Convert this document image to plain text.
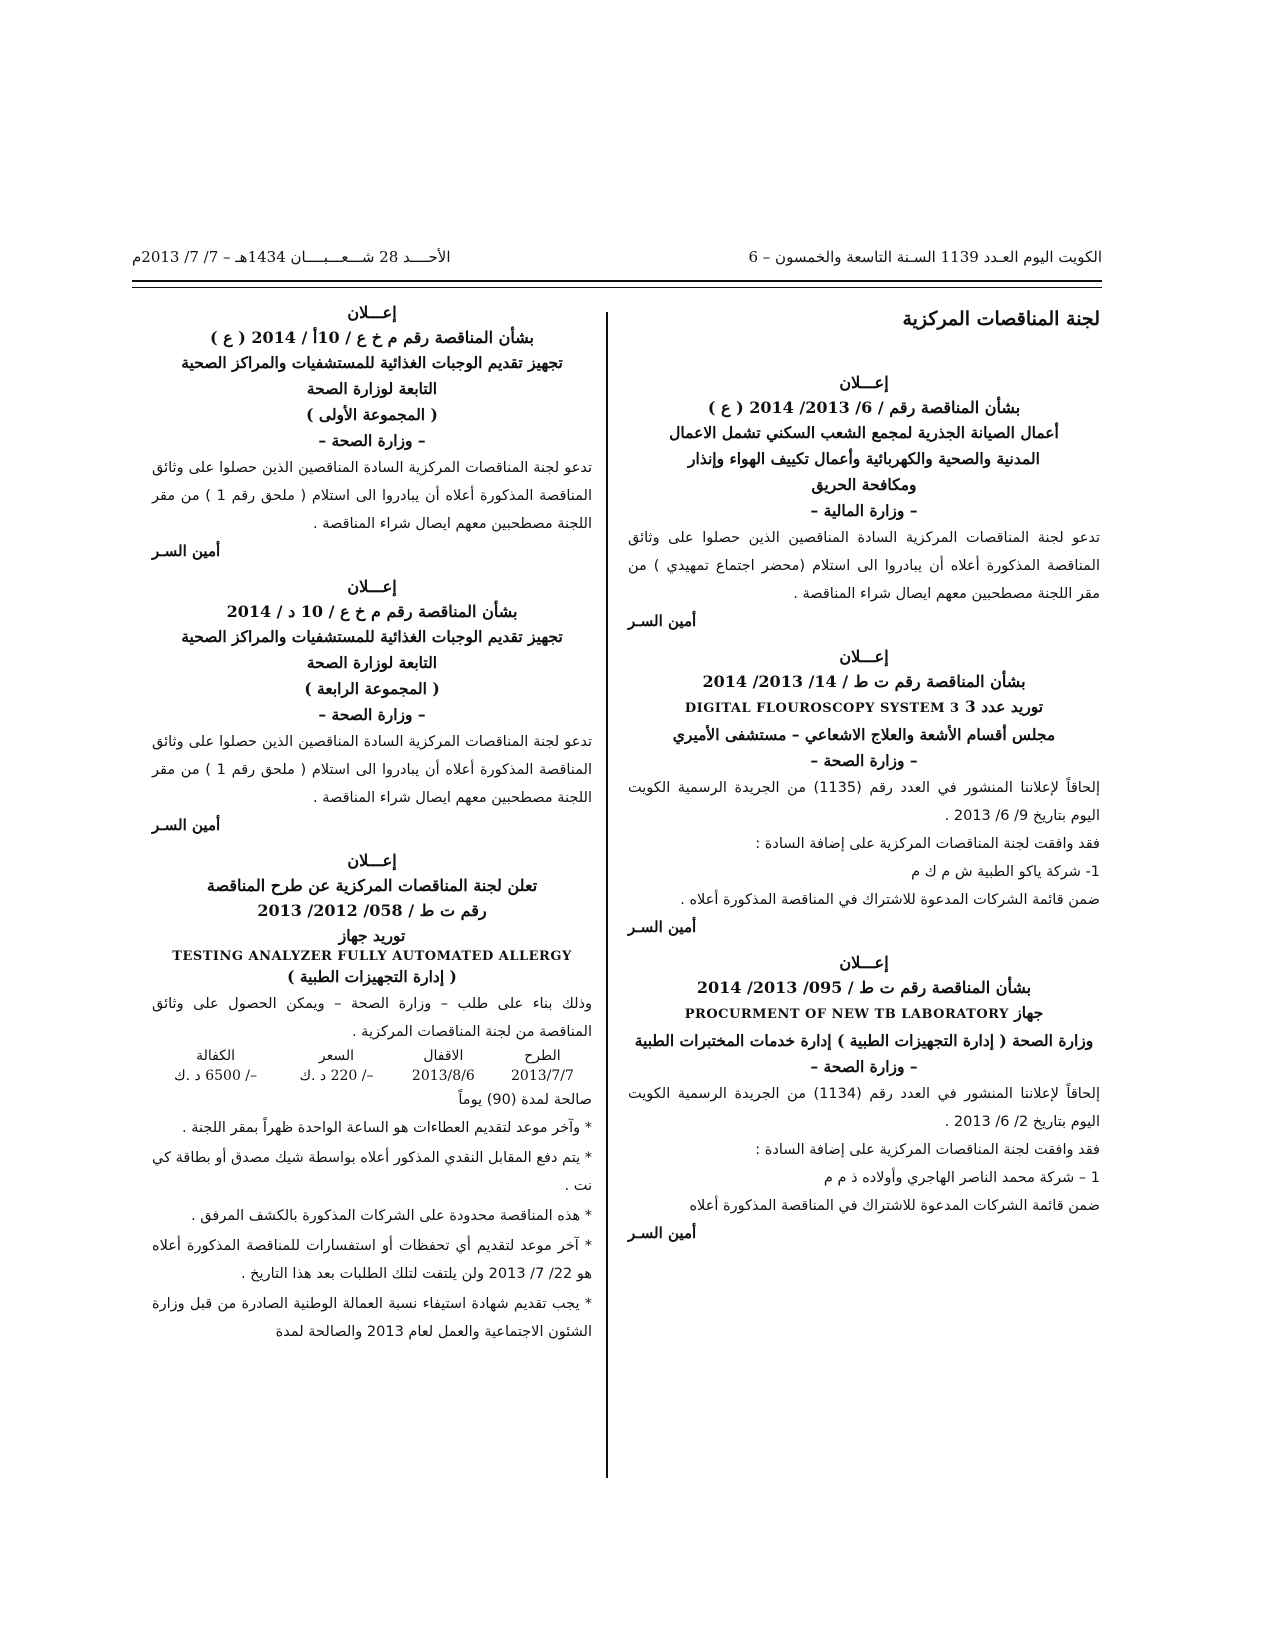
الكويت اليوم العـدد 1139 السـنة التاسعة والخمسون – 6
الأحــــد 28 شـــعـــبــــان 1434هـ – 7/ 7/ 2013م
لجنة المناقصات المركزية
إعـــلان
بشأن المناقصة رقم / 6/ 2013/ 2014 ( ع )
أعمال الصيانة الجذرية لمجمع الشعب السكني تشمل الاعمال
المدنية والصحية والكهربائية وأعمال تكييف الهواء وإنذار
ومكافحة الحريق
– وزارة المالية –
تدعو لجنة المناقصات المركزية السادة المناقصين الذين حصلوا على وثائق المناقصة المذكورة أعلاه أن يبادروا الى استلام (محضر اجتماع تمهيدي ) من مقر اللجنة مصطحبين معهم ايصال شراء المناقصة .
أمين السـر
إعـــلان
بشأن المناقصة رقم ت ط / 14/ 2013/ 2014
توريد عدد 3 DIGITAL FLOUROSCOPY SYSTEM 3
مجلس أقسام الأشعة والعلاج الاشعاعي – مستشفى الأميري
– وزارة الصحة –
إلحاقاً لإعلاننا المنشور في العدد رقم (1135) من الجريدة الرسمية الكويت اليوم بتاريخ 9/ 6/ 2013 .
فقد وافقت لجنة المناقصات المركزية على إضافة السادة :
1- شركة ياكو الطبية ش م ك م
ضمن قائمة الشركات المدعوة للاشتراك في المناقصة المذكورة أعلاه .
أمين السـر
إعـــلان
بشأن المناقصة رقم ت ط / 095/ 2013/ 2014
جهاز PROCURMENT OF NEW TB LABORATORY
وزارة الصحة ( إدارة التجهيزات الطبية ) إدارة خدمات المختبرات الطبية
– وزارة الصحة –
إلحاقاً لإعلاننا المنشور في العدد رقم (1134) من الجريدة الرسمية الكويت اليوم بتاريخ 2/ 6/ 2013 .
فقد وافقت لجنة المناقصات المركزية على إضافة السادة :
1 – شركة محمد الناصر الهاجري وأولاده ذ م م
ضمن قائمة الشركات المدعوة للاشتراك في المناقصة المذكورة أعلاه
أمين السـر
إعـــلان
بشأن المناقصة رقم م خ ع / 10أ / 2014 ( ع )
تجهيز تقديم الوجبات الغذائية للمستشفيات والمراكز الصحية
التابعة لوزارة الصحة
( المجموعة الأولى )
– وزارة الصحة –
تدعو لجنة المناقصات المركزية السادة المناقصين الذين حصلوا على وثائق المناقصة المذكورة أعلاه أن يبادروا الى استلام ( ملحق رقم 1 ) من مقر اللجنة مصطحبين معهم ايصال شراء المناقصة .
أمين السـر
إعـــلان
بشأن المناقصة رقم م خ ع / 10 د / 2014
تجهيز تقديم الوجبات الغذائية للمستشفيات والمراكز الصحية
التابعة لوزارة الصحة
( المجموعة الرابعة )
– وزارة الصحة –
تدعو لجنة المناقصات المركزية السادة المناقصين الذين حصلوا على وثائق المناقصة المذكورة أعلاه أن يبادروا الى استلام ( ملحق رقم 1 ) من مقر اللجنة مصطحبين معهم ايصال شراء المناقصة .
أمين السـر
إعـــلان
تعلن لجنة المناقصات المركزية عن طرح المناقصة
رقم ت ط / 058/ 2012/ 2013
توريد جهاز
TESTING ANALYZER FULLY AUTOMATED ALLERGY
( إدارة التجهيزات الطبية )
وذلك بناء على طلب – وزارة الصحة – ويمكن الحصول على وثائق المناقصة من لجنة المناقصات المركزية .
الطرح	الاقفال	السعر	الكفالة
2013/7/7	2013/8/6	–/ 220 د .ك	–/ 6500 د .ك
صالحة لمدة (90) يوماً
* وآخر موعد لتقديم العطاءات هو الساعة الواحدة ظهراً بمقر اللجنة .
* يتم دفع المقابل النقدي المذكور أعلاه بواسطة شيك مصدق أو بطاقة كي نت .
* هذه المناقصة محدودة على الشركات المذكورة بالكشف المرفق .
* آخر موعد لتقديم أي تحفظات أو استفسارات للمناقصة المذكورة أعلاه هو 22/ 7/ 2013 ولن يلتفت لتلك الطلبات بعد هذا التاريخ .
* يجب تقديم شهادة استيفاء نسبة العمالة الوطنية الصادرة من قبل وزارة الشئون الاجتماعية والعمل لعام 2013 والصالحة لمدة
